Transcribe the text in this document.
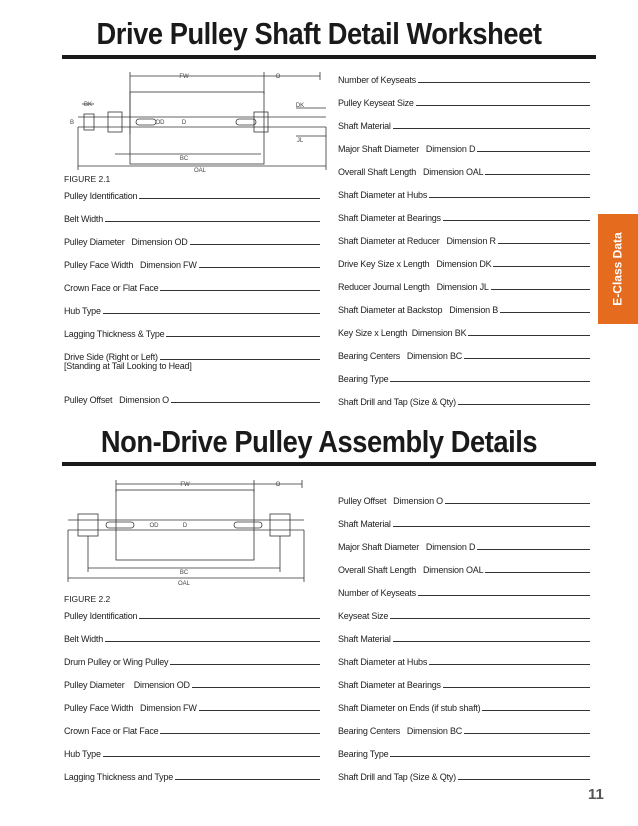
Drive Pulley Shaft Detail Worksheet
FW	O
BK
B	OD	D
DK
JL
BC
OAL
FIGURE 2.1
Pulley Identification
Belt Width
Pulley Diameter   Dimension OD
Pulley Face Width   Dimension FW
Crown Face or Flat Face
Hub Type
Lagging Thickness & Type
Drive Side (Right or Left)
[Standing at Tail Looking to Head]
Pulley Offset   Dimension O
Number of Keyseats
Pulley Keyseat Size
Shaft Material
Major Shaft Diameter   Dimension D
Overall Shaft Length   Dimension OAL
Shaft Diameter at Hubs
Shaft Diameter at Bearings
Shaft Diameter at Reducer   Dimension R
Drive Key Size x Length   Dimension DK
Reducer Journal Length   Dimension JL
Shaft Diameter at Backstop   Dimension B
Key Size x Length  Dimension BK
Bearing Centers   Dimension BC
Bearing Type
Shaft Drill and Tap (Size & Qty)
E-Class Data
Non-Drive Pulley Assembly Details
FW	O
OD	D
BC
OAL
FIGURE 2.2
Pulley Identification
Belt Width
Drum Pulley or Wing Pulley
Pulley Diameter    Dimension OD
Pulley Face Width   Dimension FW
Crown Face or Flat Face
Hub Type
Lagging Thickness and Type
Pulley Offset   Dimension O
Shaft Material
Major Shaft Diameter   Dimension D
Overall Shaft Length   Dimension OAL
Number of Keyseats
Keyseat Size
Shaft Material
Shaft Diameter at Hubs
Shaft Diameter at Bearings
Shaft Diameter on Ends (if stub shaft)
Bearing Centers   Dimension BC
Bearing Type
Shaft Drill and Tap (Size & Qty)
11
